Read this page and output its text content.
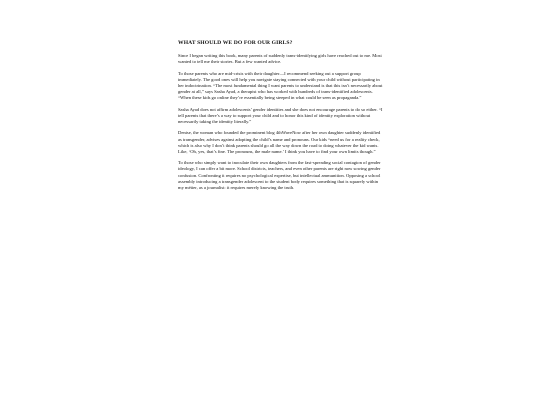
WHAT SHOULD WE DO FOR OUR GIRLS?

Since I began writing this book, many parents of suddenly trans-identifying girls have reached out to me. Most wanted to tell me their stories. But a few wanted advice.

To those parents who are mid-crisis with their daughter—I recommend seeking out a support group immediately. The good ones will help you navigate staying connected with your child without participating in her indoctrination. “The most fundamental thing I want parents to understand is that this isn’t necessarily about gender at all,” says Sasha Ayad, a therapist who has worked with hundreds of trans-identified adolescents. “When these kids go online they’re essentially being steeped in what could be seen as propaganda.”

Sasha Ayad does not affirm adolescents’ gender identities and she does not encourage parents to do so either. “I tell parents that there’s a way to support your child and to honor this kind of identity exploration without necessarily taking the identity literally.”

Denise, the woman who founded the prominent blog 4thWaveNow after her own daughter suddenly identified as transgender, advises against adopting the child’s name and pronouns. Our kids “need us for a reality check, which is also why I don’t think parents should go all the way down the road to doing whatever the kid wants. Like, ‘Oh, yes, that’s fine. The pronouns, the male name.’ I think you have to find your own limits though.”

To those who simply want to inoculate their own daughters from the fast-spreading social contagion of gender ideology, I can offer a bit more. School districts, teachers, and even other parents are right now sowing gender confusion. Confronting it requires no psychological expertise, but intellectual ammunition. Opposing a school assembly introducing a transgender adolescent to the student body requires something that is squarely within my métier, as a journalist: it requires merely knowing the truth.
